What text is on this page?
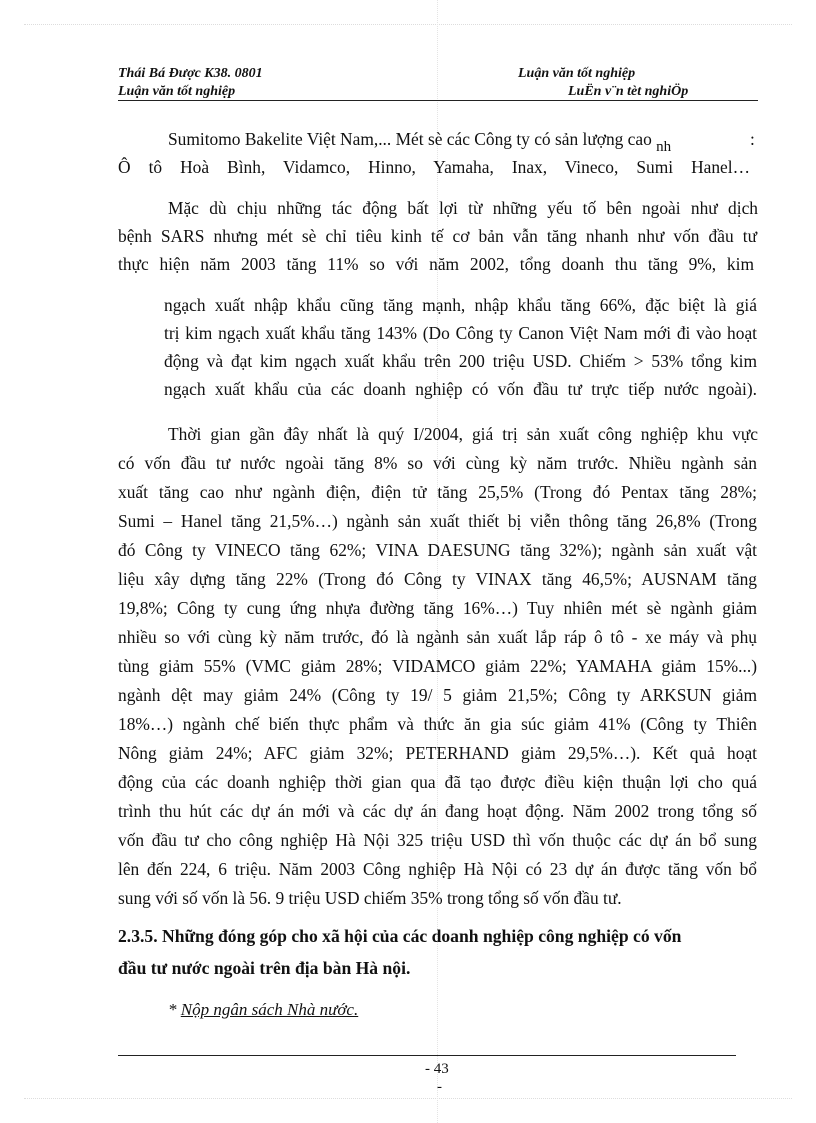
Thái Bá Được K38. 0801	Luận văn tốt nghiệp
Luận văn tốt nghiệp	LuËn v¨n tèt nghiÖp
Sumitomo Bakelite Việt Nam,... Mét sè các Công ty có sản lượng cao nh	:
Ô tô Hoà Bình, Vidamco, Hinno, Yamaha, Inax, Vineco, Sumi Hanel…
Mặc dù chịu những tác động bất lợi từ những yếu tố bên ngoài như dịch
bệnh SARS nhưng mét sè chỉ tiêu kinh tế cơ bản vẫn tăng nhanh như vốn đầu tư
thực hiện năm 2003 tăng 11% so với năm 2002, tổng doanh thu tăng 9%, kim
ngạch xuất nhập khẩu cũng tăng mạnh, nhập khẩu tăng 66%, đặc biệt là giá
trị kim ngạch xuất khẩu tăng 143% (Do Công ty Canon Việt Nam mới đi vào hoạt
động và đạt kim ngạch xuất khẩu trên 200 triệu USD. Chiếm > 53% tổng kim
ngạch xuất khẩu của các doanh nghiệp có vốn đầu tư trực tiếp nước ngoài).
Thời gian gần đây nhất là quý I/2004, giá trị sản xuất công nghiệp khu vực
có vốn đầu tư nước ngoài tăng 8% so với cùng kỳ năm trước. Nhiều ngành sản
xuất tăng cao như ngành điện, điện tử tăng 25,5% (Trong đó Pentax tăng 28%;
Sumi – Hanel tăng 21,5%…) ngành sản xuất thiết bị viễn thông tăng 26,8% (Trong
đó Công ty VINECO tăng 62%; VINA DAESUNG tăng 32%); ngành sản xuất vật
liệu xây dựng tăng 22% (Trong đó Công ty VINAX tăng 46,5%; AUSNAM tăng
19,8%; Công ty cung ứng nhựa đường tăng 16%…) Tuy nhiên mét sè ngành giảm
nhiều so với cùng kỳ năm trước, đó là ngành sản xuất lắp ráp ô tô - xe máy và phụ
tùng giảm 55% (VMC giảm 28%; VIDAMCO giảm 22%; YAMAHA giảm 15%...)
ngành dệt may giảm 24% (Công ty 19/ 5 giảm 21,5%; Công ty ARKSUN giảm
18%…) ngành chế biến thực phẩm và thức ăn gia súc giảm 41% (Công ty Thiên
Nông giảm 24%; AFC giảm 32%; PETERHAND giảm 29,5%…). Kết quả hoạt
động của các doanh nghiệp thời gian qua đã tạo được điều kiện thuận lợi cho quá
trình thu hút các dự án mới và các dự án đang hoạt động. Năm 2002 trong tổng số
vốn đầu tư cho công nghiệp Hà Nội 325 triệu USD thì vốn thuộc các dự án bổ sung
lên đến 224, 6 triệu. Năm 2003 Công nghiệp Hà Nội có 23 dự án được tăng vốn bổ
sung với số vốn là 56. 9 triệu USD chiếm 35% trong tổng số vốn đầu tư.
2.3.5. Những đóng góp cho xã hội của các doanh nghiệp công nghiệp có vốn
đầu tư nước ngoài trên địa bàn Hà nội.
* Nộp ngân sách Nhà nước.
- 43
-
